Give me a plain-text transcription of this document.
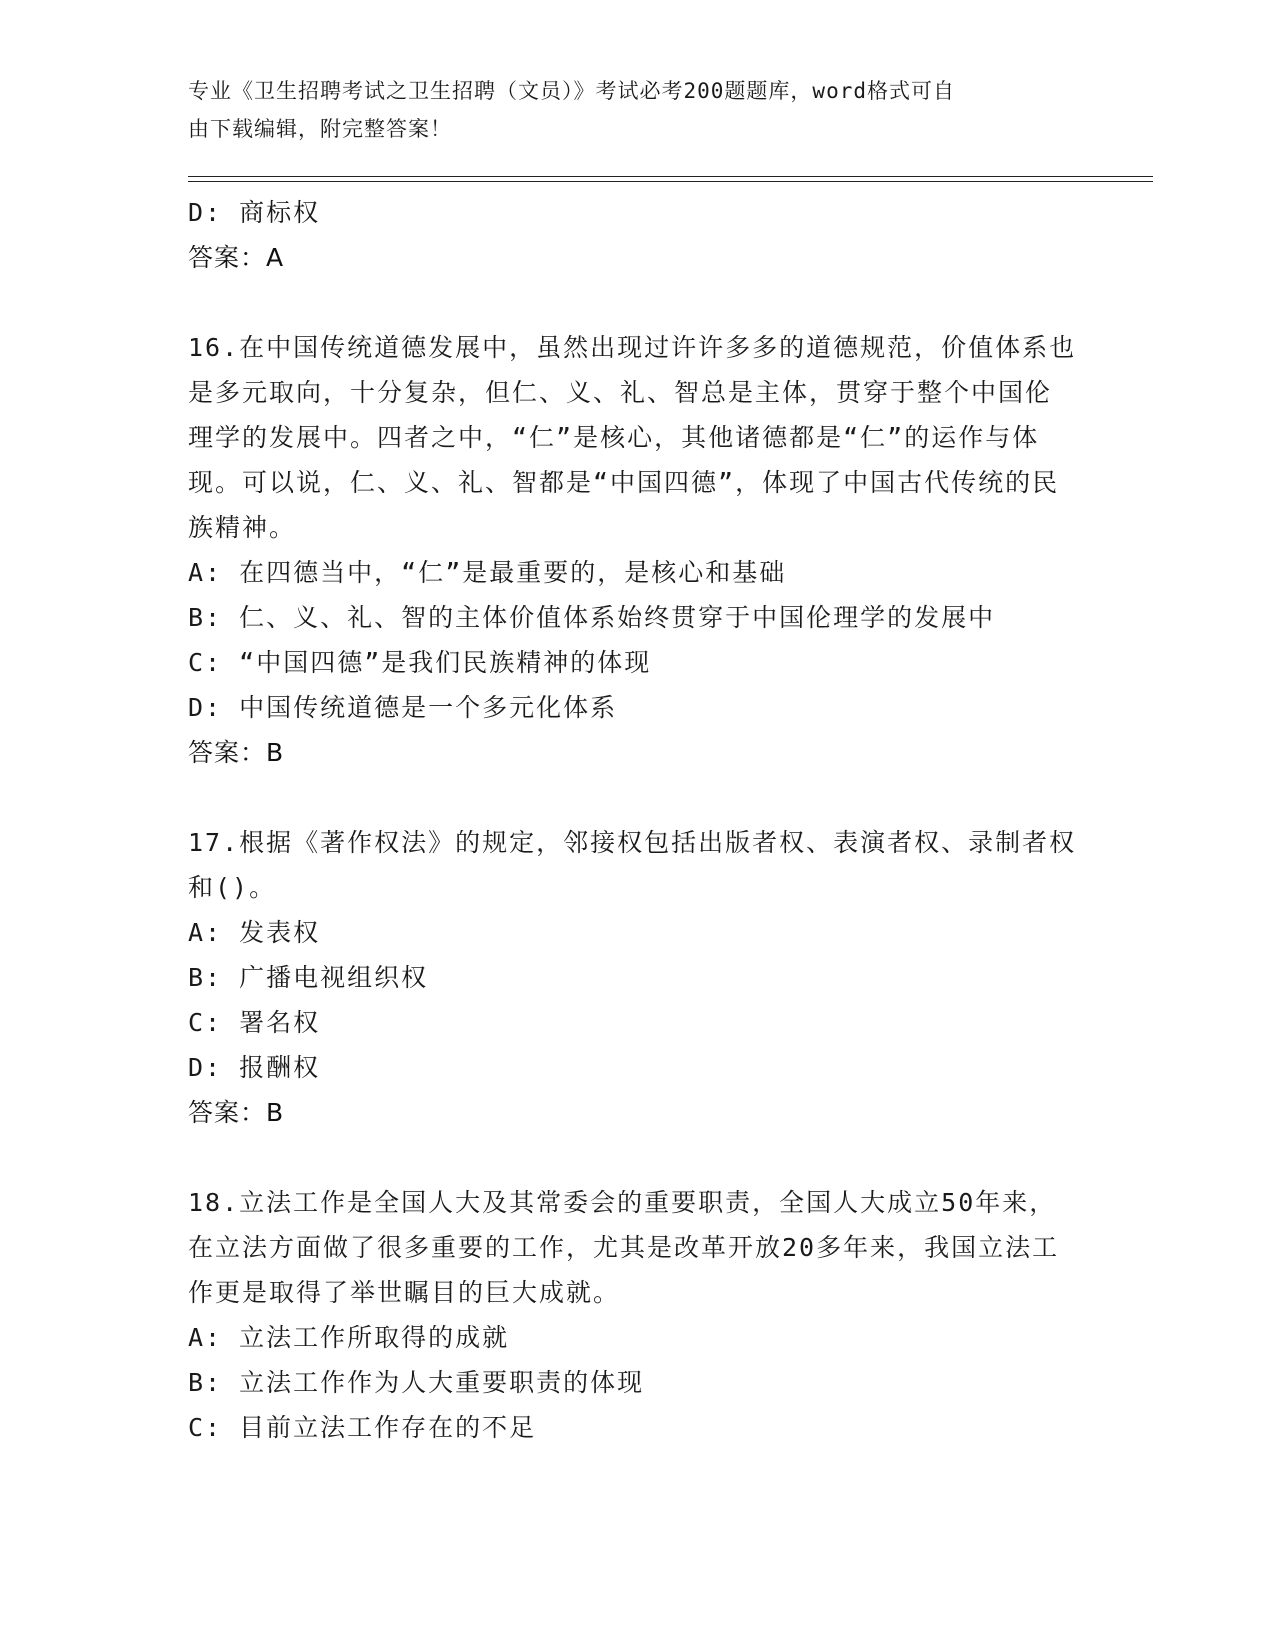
专业《卫生招聘考试之卫生招聘（文员）》考试必考200题题库，word格式可自
由下载编辑，附完整答案！
D: 商标权
答案：A
16.在中国传统道德发展中，虽然出现过许许多多的道德规范，价值体系也是多元取向，十分复杂，但仁、义、礼、智总是主体，贯穿于整个中国伦理学的发展中。四者之中，“仁”是核心，其他诸德都是“仁”的运作与体现。可以说，仁、义、礼、智都是“中国四德”，体现了中国古代传统的民族精神。
A: 在四德当中，“仁”是最重要的，是核心和基础
B: 仁、义、礼、智的主体价值体系始终贯穿于中国伦理学的发展中
C: “中国四德”是我们民族精神的体现
D: 中国传统道德是一个多元化体系
答案：B
17.根据《著作权法》的规定，邻接权包括出版者权、表演者权、录制者权和()。
A: 发表权
B: 广播电视组织权
C: 署名权
D: 报酬权
答案：B
18.立法工作是全国人大及其常委会的重要职责，全国人大成立50年来，在立法方面做了很多重要的工作，尤其是改革开放20多年来，我国立法工作更是取得了举世瞩目的巨大成就。
A: 立法工作所取得的成就
B: 立法工作作为人大重要职责的体现
C: 目前立法工作存在的不足
